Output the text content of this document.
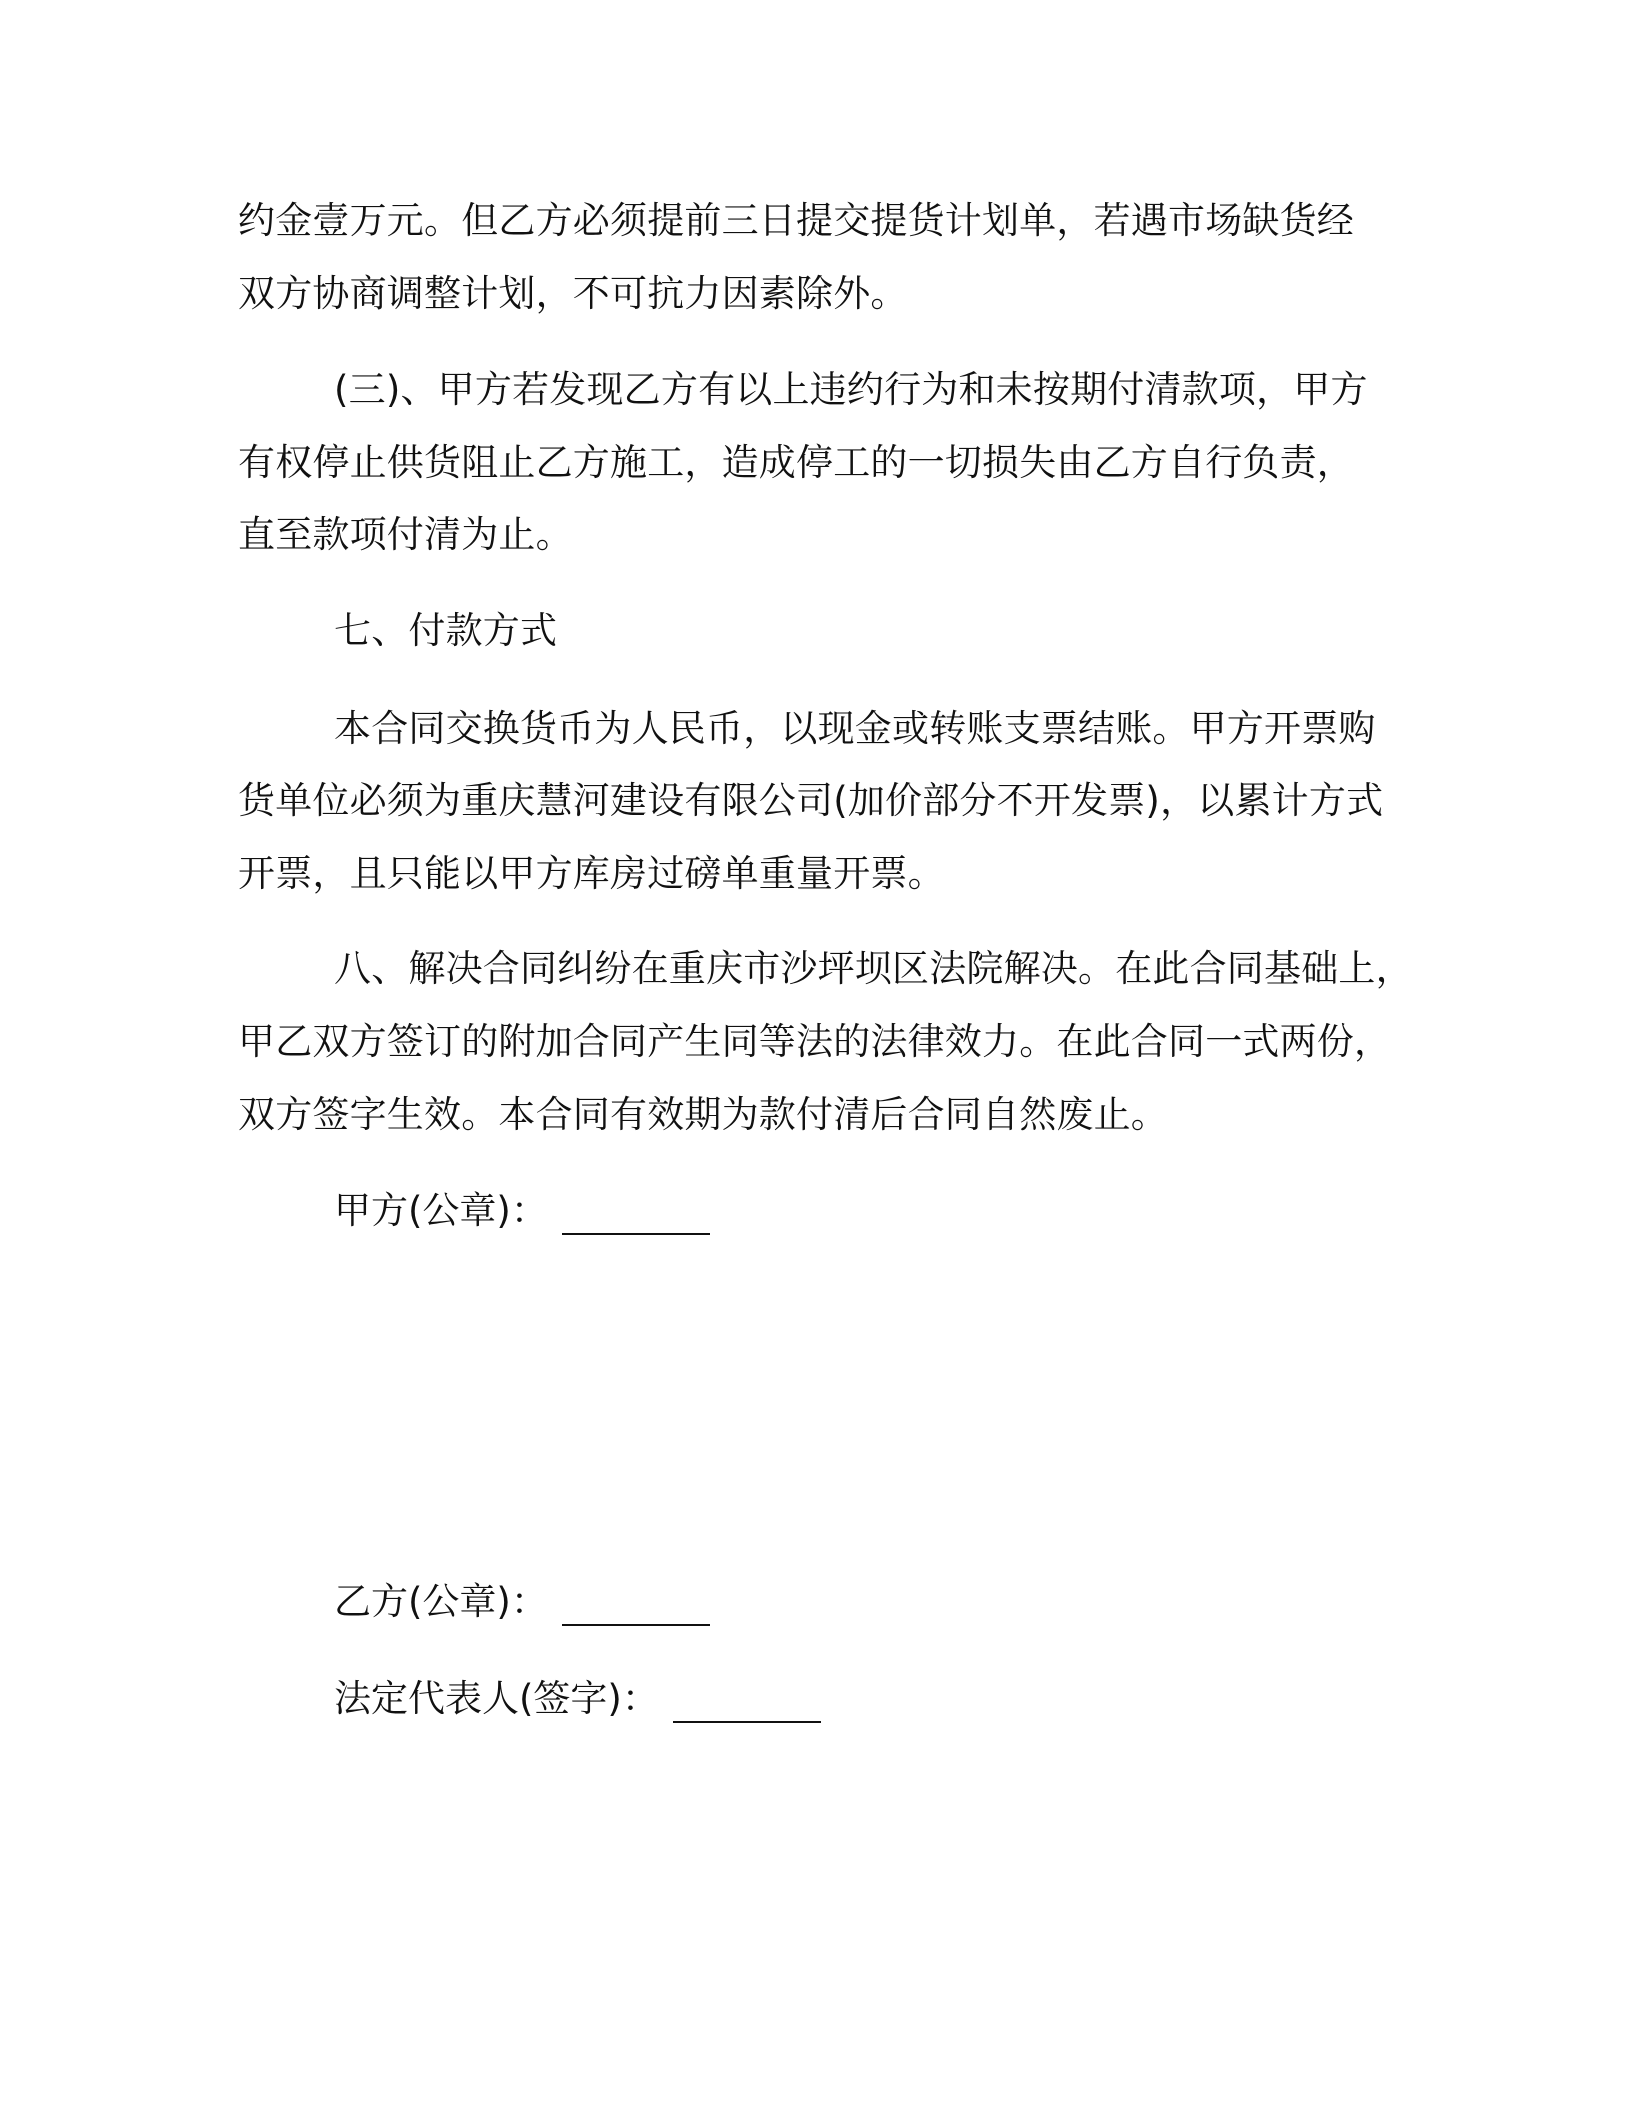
约金壹万元。但乙方必须提前三日提交提货计划单，若遇市场缺货经
双方协商调整计划，不可抗力因素除外。
(三)、甲方若发现乙方有以上违约行为和未按期付清款项，甲方
有权停止供货阻止乙方施工，造成停工的一切损失由乙方自行负责，
直至款项付清为止。
七、付款方式
本合同交换货币为人民币，以现金或转账支票结账。甲方开票购
货单位必须为重庆慧河建设有限公司(加价部分不开发票)，以累计方式
开票，且只能以甲方库房过磅单重量开票。
八、解决合同纠纷在重庆市沙坪坝区法院解决。在此合同基础上，
甲乙双方签订的附加合同产生同等法的法律效力。在此合同一式两份，
双方签字生效。本合同有效期为款付清后合同自然废止。
甲方(公章)：
乙方(公章)：
法定代表人(签字)：
